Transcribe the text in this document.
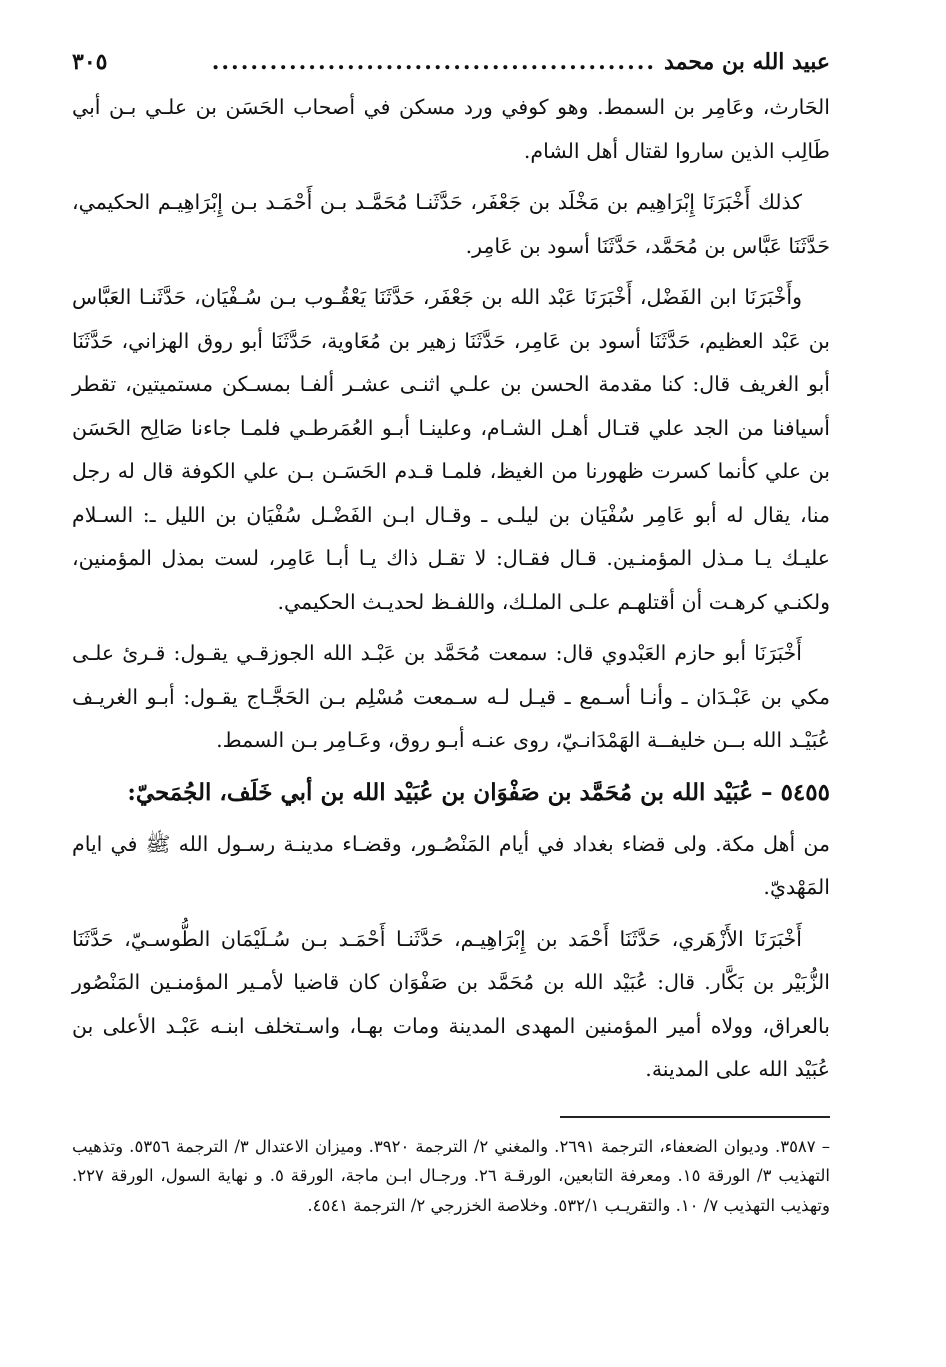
عبيد الله بن محمد
..............................................
٣٠٥

الحَارث، وعَامِر بن السمط. وهو كوفي ورد مسكن في أصحاب الحَسَن بن علـي بـن أبي طَالِب الذين ساروا لقتال أهل الشام.

كذلك أَخْبَرَنَا إِبْرَاهِيم بن مَخْلَد بن جَعْفَر، حَدَّثَنـا مُحَمَّـد بـن أَحْمَـد بـن إِبْرَاهِيـم الحكيمي، حَدَّثَنَا عَبَّاس بن مُحَمَّد، حَدَّثَنَا أسود بن عَامِر.

وأَخْبَرَنَا ابن الفَضْل، أَخْبَرَنَا عَبْد الله بن جَعْفَر، حَدَّثَنَا يَعْقُـوب بـن سُـفْيَان، حَدَّثَنـا العَبَّاس بن عَبْد العظيم، حَدَّثَنَا أسود بن عَامِر، حَدَّثَنَا زهير بن مُعَاوية، حَدَّثَنَا أبو روق الهزاني، حَدَّثَنَا أبو الغريف قال: كنا مقدمة الحسن بن علـي اثنـى عشـر ألفـا بمسـكن مستميتين، تقطر أسيافنا من الجد علي قتـال أهـل الشـام، وعلينـا أبـو العُمَرطـي فلمـا جاءنا صَالِح الحَسَن بن علي كأنما كسرت ظهورنا من الغيظ، فلمـا قـدم الحَسَـن بـن علي الكوفة قال له رجل منا، يقال له أبو عَامِر سُفْيَان بن ليلـى ـ وقـال ابـن الفَضْـل سُفْيَان بن الليل ـ: السـلام عليـك يـا مـذل المؤمنـين. قـال فقـال: لا تقـل ذاك يـا أبـا عَامِر، لست بمذل المؤمنين، ولكنـي كرهـت أن أقتلهـم علـى الملـك، واللفـظ لحديـث الحكيمي.

أَخْبَرَنَا أبو حازم العَبْدوي قال: سمعت مُحَمَّد بن عَبْـد الله الجوزقـي يقـول: قـرئ علـى مكي بن عَبْـدَان ـ وأنـا أسـمع ـ قيـل لـه سـمعت مُسْلِم بـن الحَجَّـاج يقـول: أبـو الغريـف عُبَيْـد الله بــن خليفــة الهَمْدَانـيّ، روى عنـه أبـو روق، وعَـامِر بـن السمط.

٥٤٥٥ – عُبَيْد الله بن مُحَمَّد بن صَفْوَان بن عُبَيْد الله بن أبي خَلَف، الجُمَحيّ:

من أهل مكة. ولى قضاء بغداد في أيام المَنْصُـور، وقضـاء مدينـة رسـول الله ﷺ في ايام المَهْديّ.

أَخْبَرَنَا الأَزْهَري، حَدَّثَنَا أَحْمَد بن إِبْرَاهِيـم، حَدَّثَنـا أَحْمَـد بـن سُـلَيْمَان الطُّوسـيّ، حَدَّثَنَا الزُّبَيْر بن بَكَّار. قال: عُبَيْد الله بن مُحَمَّد بن صَفْوَان كان قاضيا لأمـير المؤمنـين المَنْصُور بالعراق، وولاه أمير المؤمنين المهدى المدينة ومات بهـا، واسـتخلف ابنـه عَبْـد الأعلى بن عُبَيْد الله على المدينة.

– ٣٥٨٧. وديوان الضعفاء، الترجمة ٢٦٩١. والمغني ٢/ الترجمة ٣٩٢٠. وميزان الاعتدال ٣/ الترجمة ٥٣٥٦. وتذهيب التهذيب ٣/ الورقة ١٥. ومعرفة التابعين، الورقـة ٢٦. ورجـال ابـن ماجة، الورقة ٥. و نهاية السول، الورقة ٢٢٧. وتهذيب التهذيب ٧/ ١٠. والتقريـب ٥٣٢/١. وخلاصة الخزرجي ٢/ الترجمة ٤٥٤١.
